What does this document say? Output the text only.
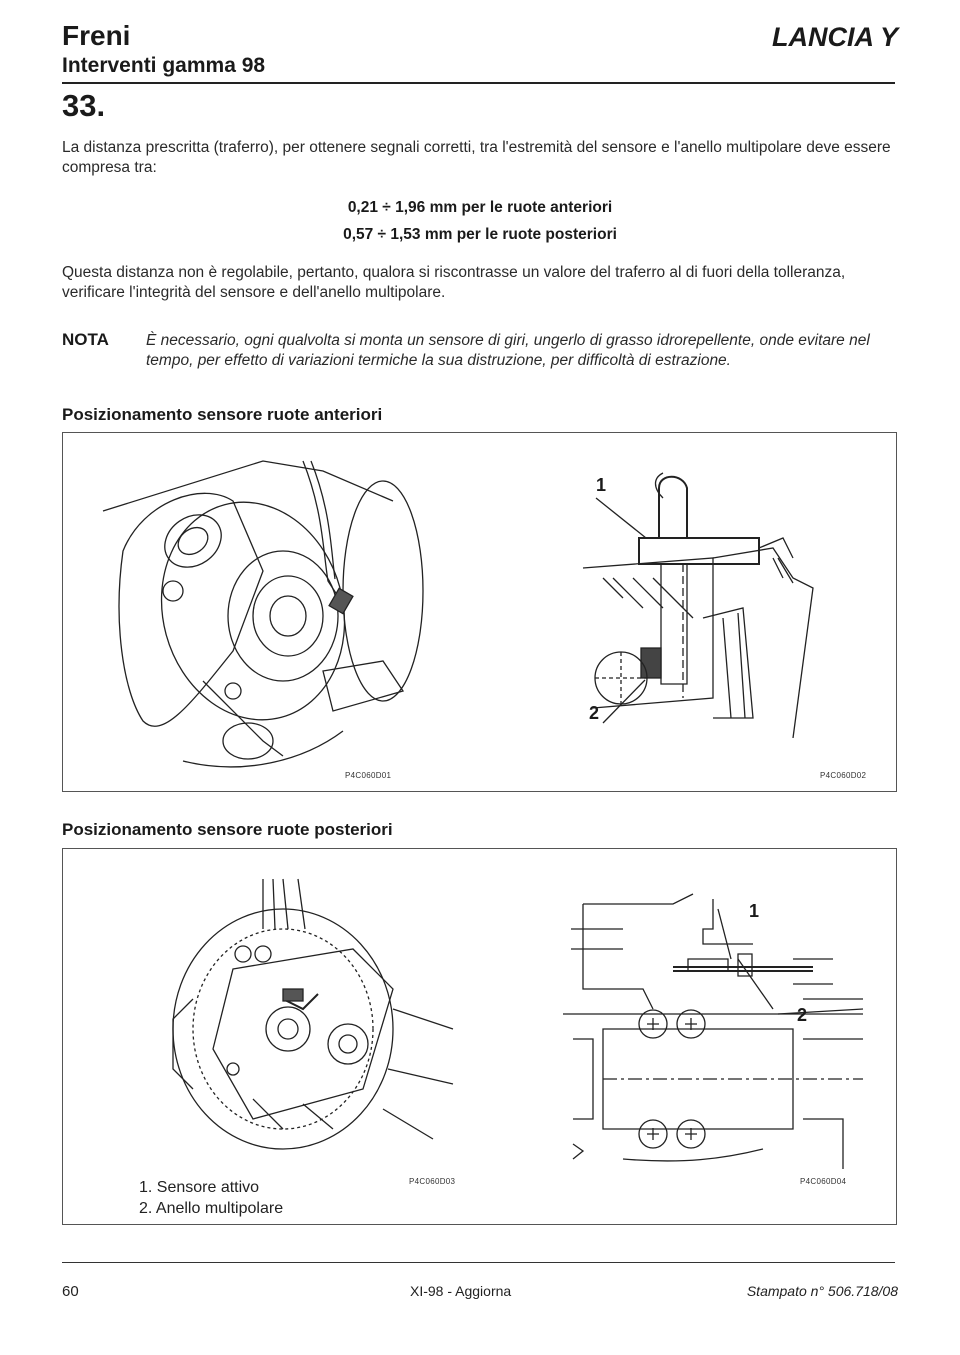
Freni
Interventi gamma 98
LANCIA Y
33.
La distanza prescritta (traferro), per ottenere segnali corretti, tra l'estremità del sensore e l'anello multipolare deve essere compresa tra:
0,21 ÷ 1,96 mm per le ruote anteriori
0,57 ÷ 1,53 mm per le ruote posteriori
Questa distanza non è regolabile, pertanto, qualora si riscontrasse un valore del traferro al di fuori della tolleranza, verificare l'integrità del sensore e dell'anello multipolare.
NOTA È necessario, ogni qualvolta si monta un sensore di giri, ungerlo di grasso idrorepellente, onde evitare nel tempo, per effetto di variazioni termiche la sua distruzione, per difficoltà di estrazione.
Posizionamento sensore ruote anteriori
P4C060D01
1
2
P4C060D02
Posizionamento sensore ruote posteriori
P4C060D03
1. Sensore attivo
2. Anello multipolare
1
2
P4C060D04
60	XI-98 - Aggiorna	Stampato n° 506.718/08
